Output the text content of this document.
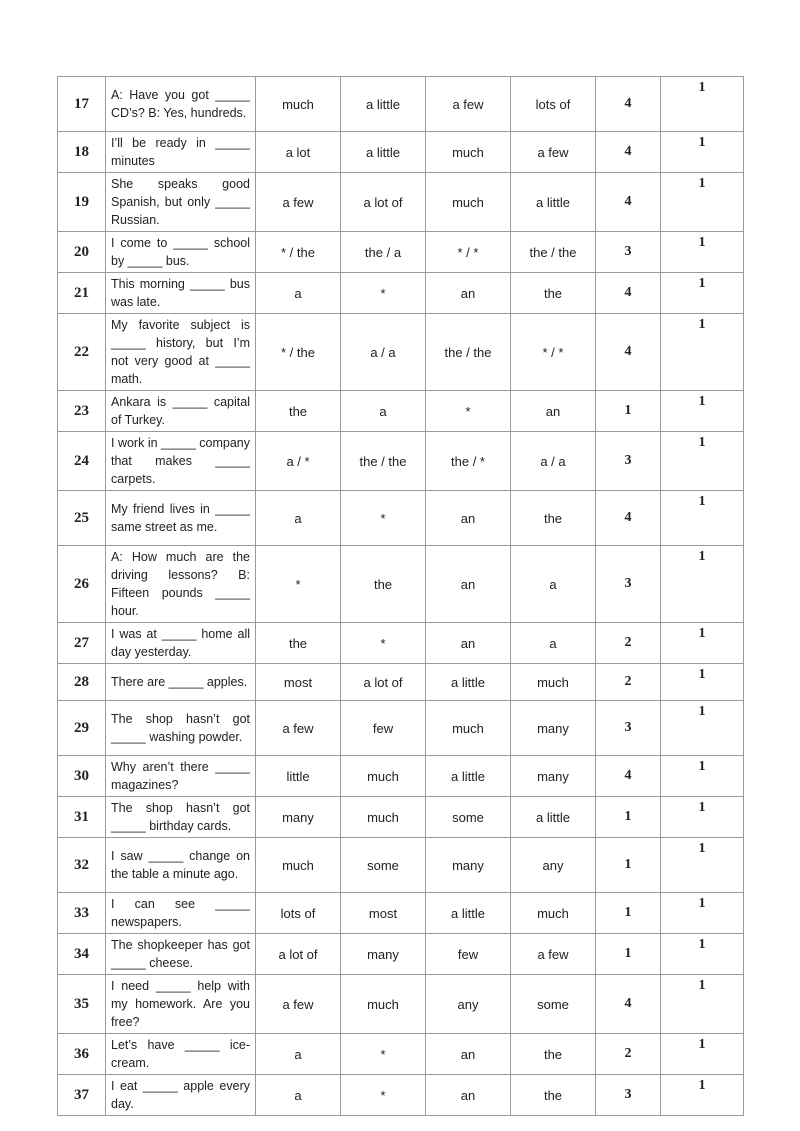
17	A: Have you got _____ CD’s? B: Yes, hundreds.	much	a little	a few	lots of	4	1
18	I’ll be ready in _____ minutes	a lot	a little	much	a few	4	1
19	She speaks good Spanish, but only _____ Russian.	a few	a lot of	much	a little	4	1
20	I come to _____ school by _____ bus.	* / the	the / a	* / *	the / the	3	1
21	This morning _____ bus was late.	a	*	an	the	4	1
22	My favorite subject is _____ history, but I’m not very good at _____ math.	* / the	a / a	the / the	* / *	4	1
23	Ankara is _____ capital of Turkey.	the	a	*	an	1	1
24	I work in _____ company that makes _____ carpets.	a / *	the / the	the / *	a / a	3	1
25	My friend lives in _____ same street as me.	a	*	an	the	4	1
26	A: How much are the driving lessons? B: Fifteen pounds _____ hour.	*	the	an	a	3	1
27	I was at _____ home all day yesterday.	the	*	an	a	2	1
28	There are _____ apples.	most	a lot of	a little	much	2	1
29	The shop hasn’t got _____ washing powder.	a few	few	much	many	3	1
30	Why aren’t there _____ magazines?	little	much	a little	many	4	1
31	The shop hasn’t got _____ birthday cards.	many	much	some	a little	1	1
32	I saw _____ change on the table a minute ago.	much	some	many	any	1	1
33	I can see _____ newspapers.	lots of	most	a little	much	1	1
34	The shopkeeper has got _____ cheese.	a lot of	many	few	a few	1	1
35	I need _____ help with my homework. Are you free?	a few	much	any	some	4	1
36	Let’s have _____ ice-cream.	a	*	an	the	2	1
37	I eat _____ apple every day.	a	*	an	the	3	1
